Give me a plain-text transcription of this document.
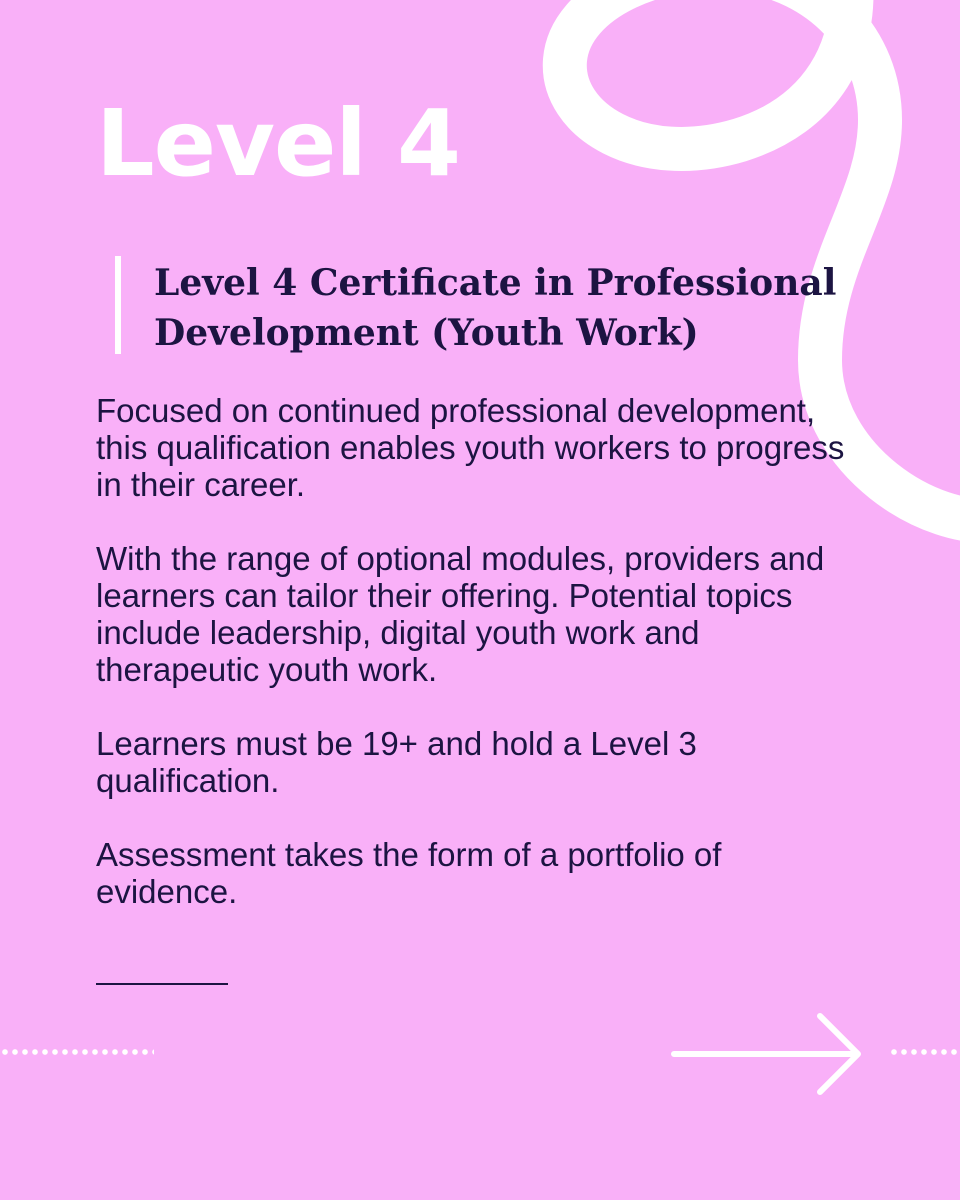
Level 4
Level 4 Certificate in Professional Development (Youth Work)

Focused on continued professional development, this qualification enables youth workers to progress in their career.

With the range of optional modules, providers and learners can tailor their offering. Potential topics include leadership, digital youth work and therapeutic youth work.

Learners must be 19+ and hold a Level 3 qualification.

Assessment takes the form of a portfolio of evidence.
